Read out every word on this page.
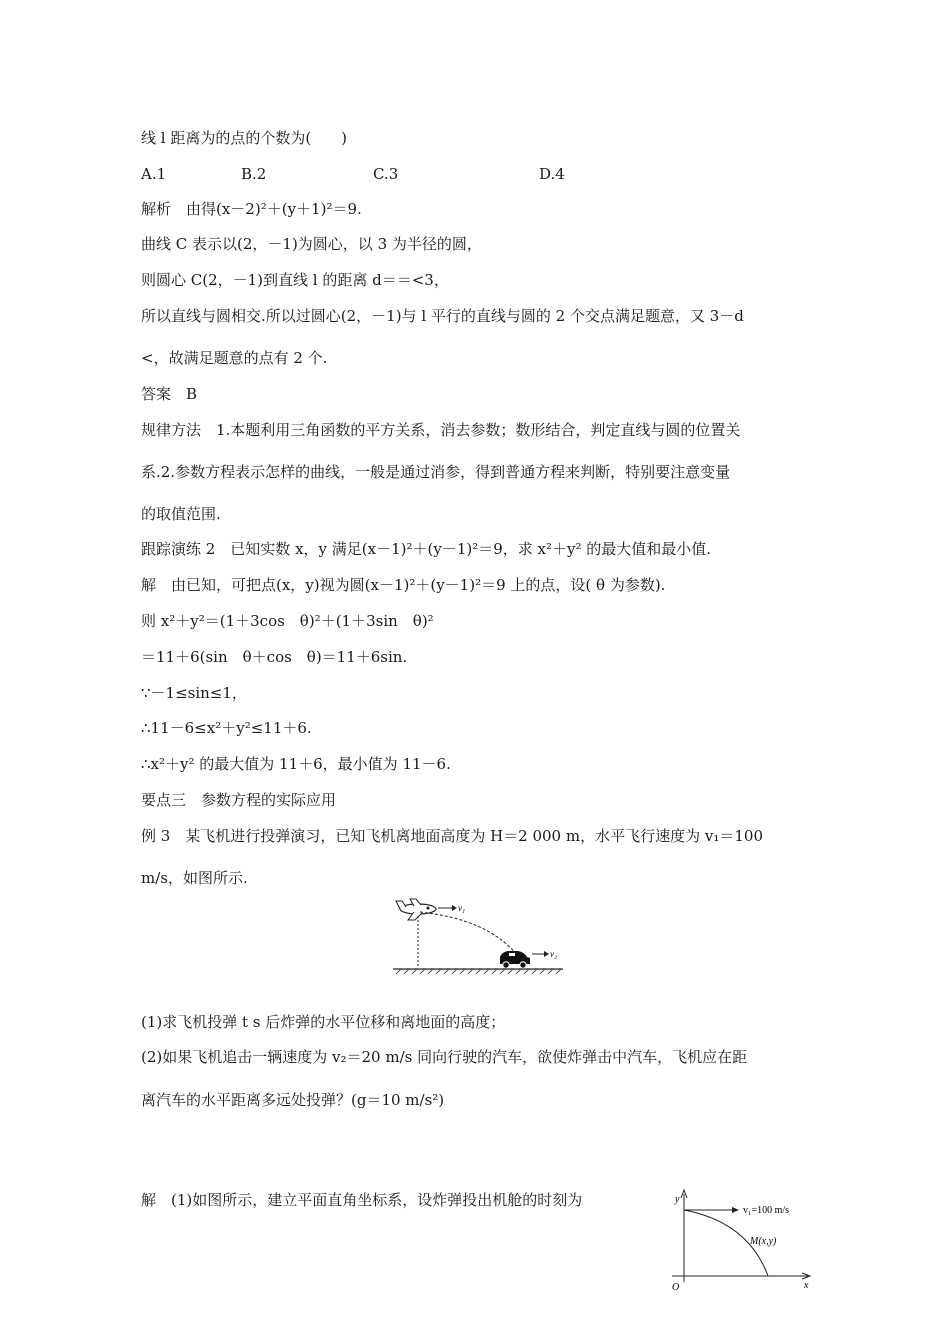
线 l 距离为的点的个数为(　　)
A.1	B.2	C.3	D.4
解析　由得(x－2)²＋(y＋1)²＝9.
曲线 C 表示以(2，－1)为圆心，以 3 为半径的圆，
则圆心 C(2，－1)到直线 l 的距离 d＝＝<3，
所以直线与圆相交.所以过圆心(2，－1)与 l 平行的直线与圆的 2 个交点满足题意，又 3－d
<，故满足题意的点有 2 个.
答案　B
规律方法　1.本题利用三角函数的平方关系，消去参数；数形结合，判定直线与圆的位置关
系.2.参数方程表示怎样的曲线，一般是通过消参，得到普通方程来判断，特别要注意变量
的取值范围.
跟踪演练 2　已知实数 x，y 满足(x－1)²＋(y－1)²＝9，求 x²＋y² 的最大值和最小值.
解　由已知，可把点(x，y)视为圆(x－1)²＋(y－1)²＝9 上的点，设( θ 为参数).
则 x²＋y²＝(1＋3cos　θ)²＋(1＋3sin　θ)²
＝11＋6(sin　θ＋cos　θ)＝11＋6sin.
∵－1≤sin≤1，
∴11－6≤x²＋y²≤11＋6.
∴x²＋y² 的最大值为 11＋6，最小值为 11－6.
要点三　参数方程的实际应用
例 3　某飞机进行投弹演习，已知飞机离地面高度为 H＝2 000 m，水平飞行速度为 v₁＝100
m/s，如图所示.
v₁
v₂
(1)求飞机投弹 t s 后炸弹的水平位移和离地面的高度；
(2)如果飞机追击一辆速度为 v₂＝20 m/s 同向行驶的汽车，欲使炸弹击中汽车，飞机应在距
离汽车的水平距离多远处投弹？(g＝10 m/s²)
解　(1)如图所示，建立平面直角坐标系，设炸弹投出机舱的时刻为	y
x
O
v₁=100 m/s
M(x,y)
